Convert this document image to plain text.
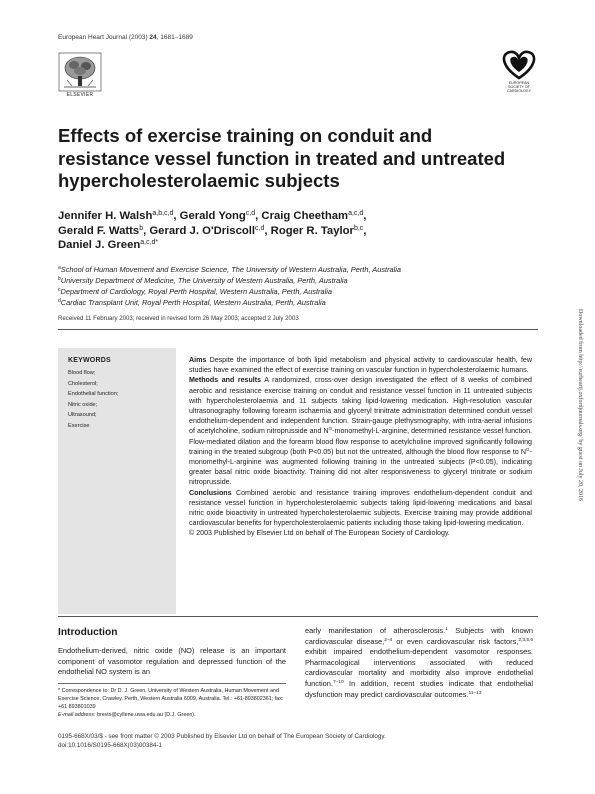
European Heart Journal (2003) 24, 1681–1689
ELSEVIER
EUROPEAN
SOCIETY OF
CARDIOLOGY
Effects of exercise training on conduit and resistance vessel function in treated and untreated hypercholesterolaemic subjects
Jennifer H. Walsh$^{a,b,c,d}$, Gerald Yong$^{c,d}$, Craig Cheetham$^{a,c,d}$,
Gerald F. Watts$^b$, Gerard J. O'Driscoll$^{c,d}$, Roger R. Taylor$^{b,c}$,
Daniel J. Green$^{a,c,d*}$
$^a$School of Human Movement and Exercise Science, The University of Western Australia, Perth, Australia
$^b$University Department of Medicine, The University of Western Australia, Perth, Australia
$^c$Department of Cardiology, Royal Perth Hospital, Western Australia, Perth, Australia
$^d$Cardiac Transplant Unit, Royal Perth Hospital, Western Australia, Perth, Australia
Received 11 February 2003; received in revised form 26 May 2003; accepted 2 July 2003	Downloaded from http://eurheartj.oxfordjournals.org/ by guest on July 20, 2016
KEYWORDS
Blood flow;
Cholesterol;
Endothelial function;
Nitric oxide;
Ultrasound;
Exercise

Aims Despite the importance of both lipid metabolism and physical activity to cardiovascular health, few studies have examined the effect of exercise training on vascular function in hypercholesterolaemic humans.

Methods and results A randomized, cross-over design investigated the effect of 8 weeks of combined aerobic and resistance exercise training on conduit and resistance vessel function in 11 untreated subjects with hypercholesterolaemia and 11 subjects taking lipid-lowering medication. High-resolution vascular ultrasonography following forearm ischaemia and glyceryl trinitrate administration determined conduit vessel endothelium-dependent and independent function. Strain-gauge plethysmography, with intra-aerial infusions of acetylcholine, sodium nitroprusside and $N^G-monomethyl-L$-arginine, determined resistance vessel function. Flow-mediated dilation and the forearm blood flow response to acetylcholine improved significantly following training in the treated subgroup (both P<0.05) but not the untreated, although the blood flow response to $N^G-monomethyl-L$-arginine was augmented following training in the untreated subjects (P<0.05), indicating greater basal nitric oxide bioactivity. Training did not alter responsiveness to glyceryl trinitrate or sodium nitroprusside.

Conclusions Combined aerobic and resistance training improves endothelium-dependent conduit and resistance vessel function in hypercholesterolaemic subjects taking lipid-lowering medications and basal nitric oxide bioactivity in untreated hypercholesterolaemic subjects. Exercise training may provide additional cardiovascular benefits for hypercholesterolaemic patients including those taking lipid-lowering medication.

© 2003 Published by Elsevier Ltd on behalf of The European Society of Cardiology.

Introduction

Endothelium-derived, nitric oxide (NO) release is an important component of vasomotor regulation and depressed function of the endothelial NO system is an

early manifestation of atherosclerosis.$^1$ Subjects with known cardiovascular disease,$^{2-4}$ or even cardiovascular risk factors,$^{2,3,5,6}$ exhibit impaired endothelium-dependent vasomotor responses. Pharmacological interventions associated with reduced cardiovascular mortality and morbidity also improve endothelial function.$^{7-10}$ In addition, recent studies indicate that endothelial dysfunction may predict cardiovascular outcomes.$^{11-13}$

* Correspondence to: Dr D. J. Green, University of Western Australia, Human Movement and Exercise Science, Crawley, Perth, Western Australia 6009, Australia. Tel.: +61-893802361; fax: +61 893801039
E-mail address: brevis@cyllene.uwa.edu.au (D.J. Green).
0195-668X/03/$ - see front matter © 2003 Published by Elsevier Ltd on behalf of The European Society of Cardiology.
doi:10.1016/S0195-668X(03)00384-1
